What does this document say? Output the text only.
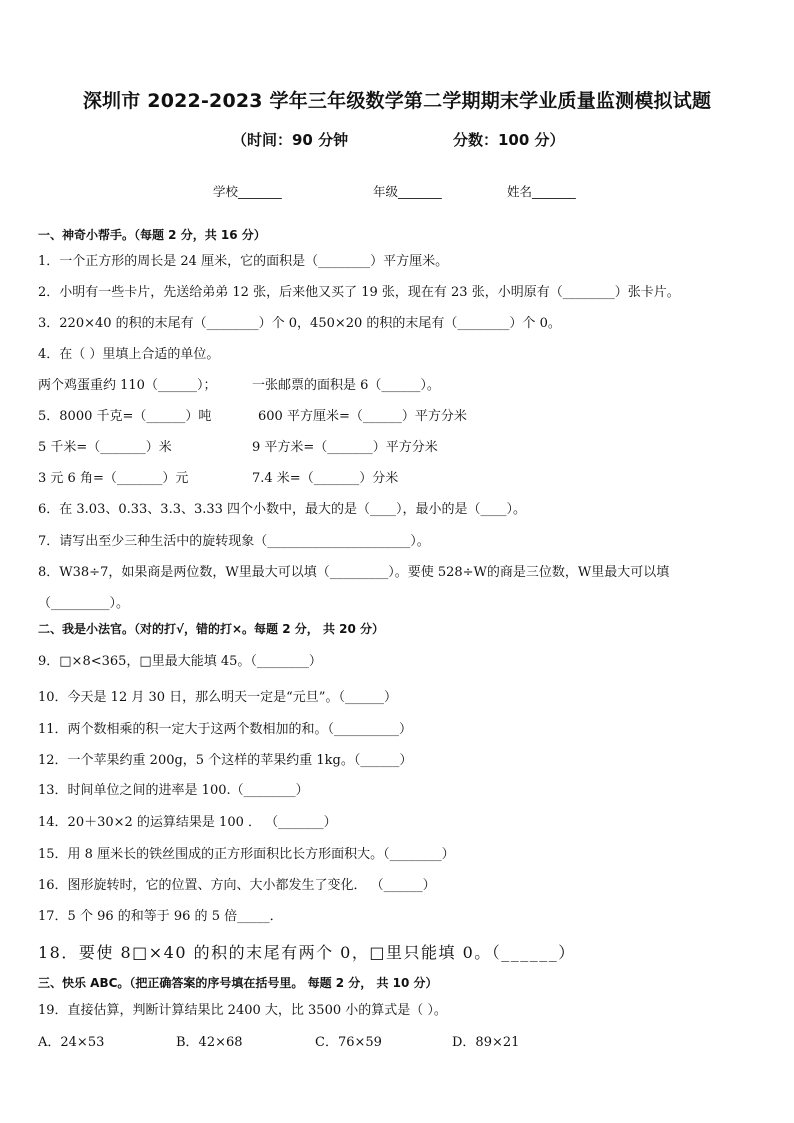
深圳市 2022-2023 学年三年级数学第二学期期末学业质量监测模拟试题
（时间：90 分钟	分数：100 分）
学校_______	年级_______	姓名_______
一、神奇小帮手。（每题 2 分，共 16 分）
1．一个正方形的周长是 24 厘米，它的面积是（________）平方厘米。
2．小明有一些卡片，先送给弟弟 12 张，后来他又买了 19 张，现在有 23 张，小明原有（________）张卡片。
3．220×40 的积的末尾有（________）个 0，450×20 的积的末尾有（________）个 0。
4．在（ ）里填上合适的单位。
两个鸡蛋重约 110（______）；	一张邮票的面积是 6（______）。
5．8000 千克=（______）吨	600 平方厘米=（______）平方分米
5 千米=（_______）米	9 平方米=（_______）平方分米
3 元 6 角=（_______）元	7.4 米=（_______）分米
6．在 3.03、0.33、3.3、3.33 四个小数中，最大的是（____），最小的是（____）。
7．请写出至少三种生活中的旋转现象（______________________）。
8．W38÷7，如果商是两位数，W里最大可以填（_________）。要使 528÷W的商是三位数，W里最大可以填
（_________）。
二、我是小法官。（对的打√，错的打×。每题 2 分， 共 20 分）
9．□×8<365，□里最大能填 45。（________）
10．今天是 12 月 30 日，那么明天一定是“元旦”。（______）
11．两个数相乘的积一定大于这两个数相加的和。（__________）
12．一个苹果约重 200g，5 个这样的苹果约重 1kg。（______）
13．时间单位之间的进率是 100.（________）
14．20＋30×2 的运算结果是 100 ． （_______）
15．用 8 厘米长的铁丝围成的正方形面积比长方形面积大。（________）
16．图形旋转时，它的位置、方向、大小都发生了变化． （______）
17．5 个 96 的和等于 96 的 5 倍_____．
18．要使 8□×40 的积的末尾有两个 0，□里只能填 0。（______）
三、快乐 ABC。（把正确答案的序号填在括号里。 每题 2 分， 共 10 分）
19．直接估算，判断计算结果比 2400 大，比 3500 小的算式是（ ）。
A．24×53	B．42×68	C．76×59	D．89×21
